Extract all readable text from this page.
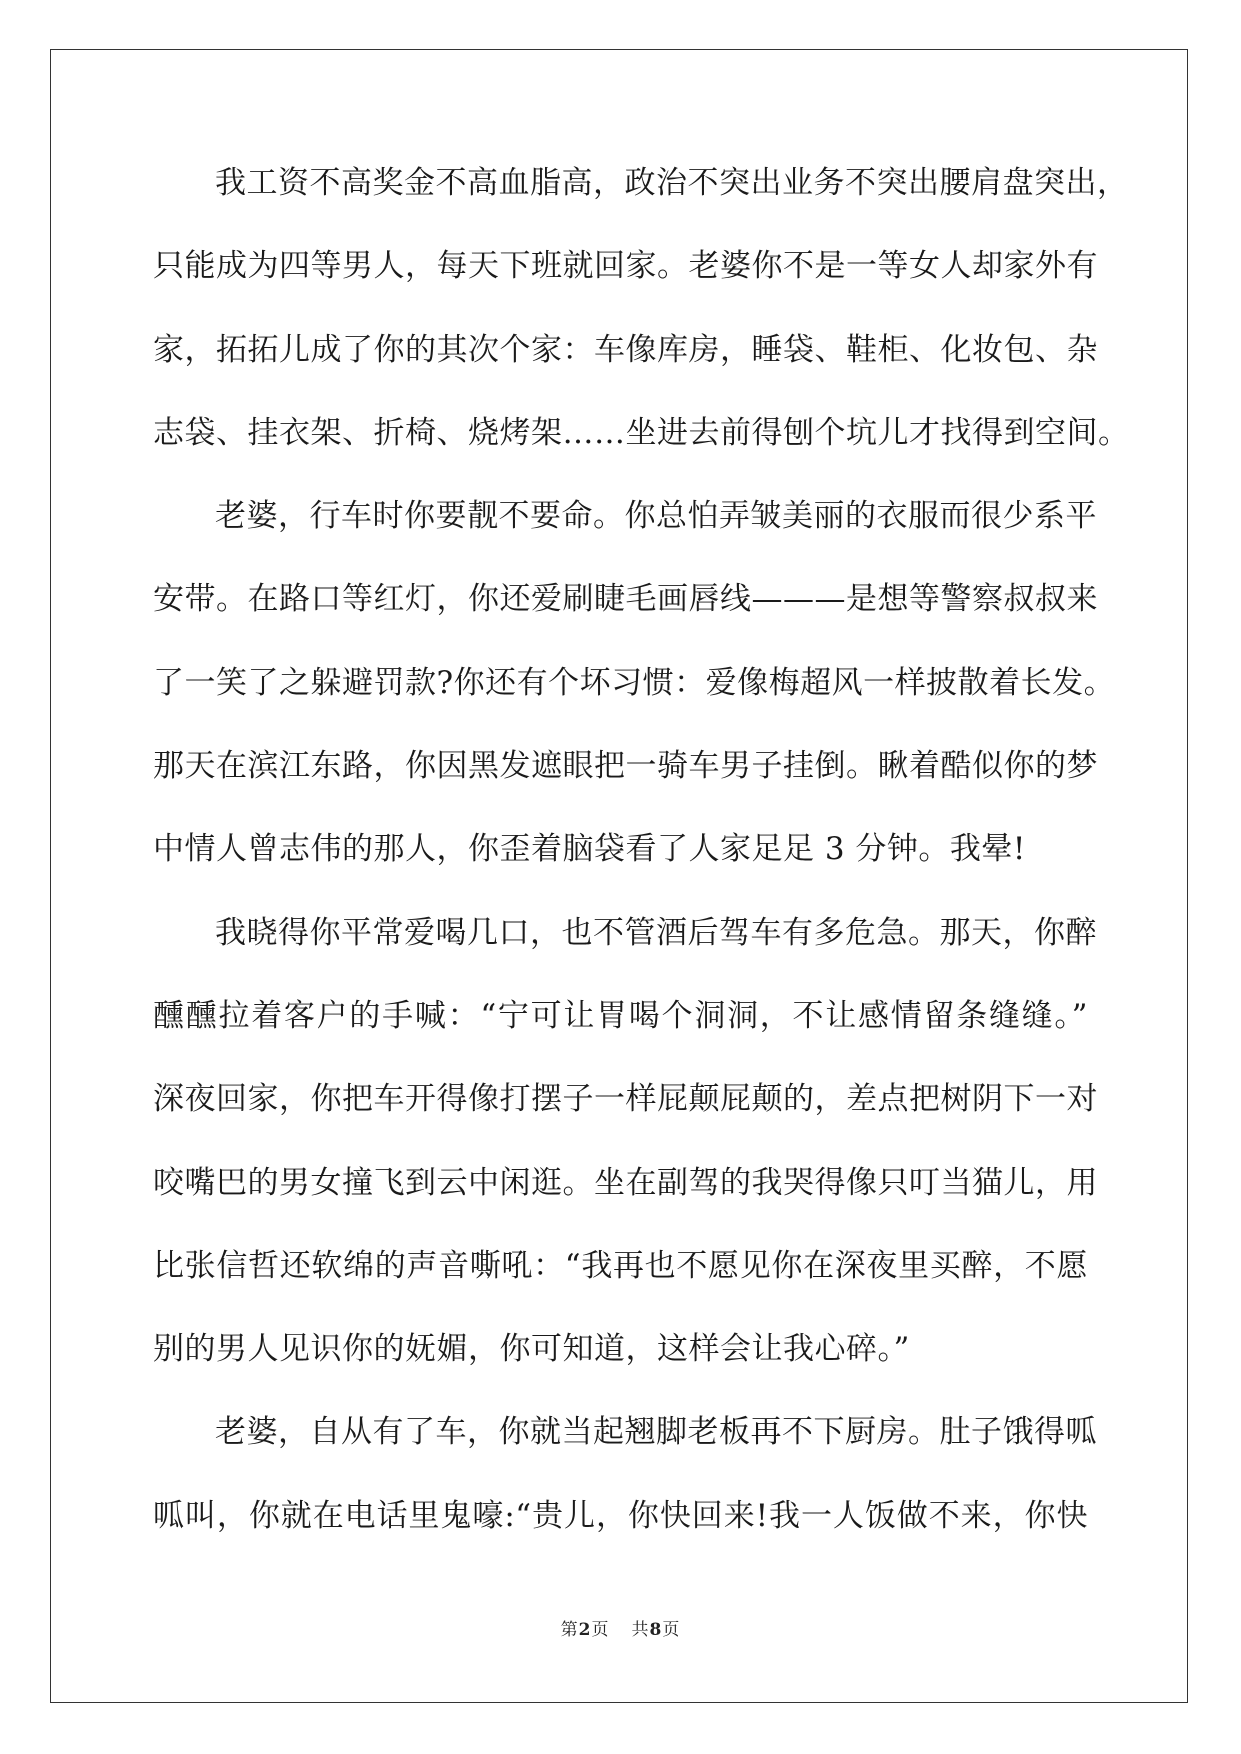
我工资不高奖金不高血脂高，政治不突出业务不突出腰肩盘突出，
只能成为四等男人，每天下班就回家。老婆你不是一等女人却家外有
家，拓拓儿成了你的其次个家：车像库房，睡袋、鞋柜、化妆包、杂
志袋、挂衣架、折椅、烧烤架……坐进去前得刨个坑儿才找得到空间。
老婆，行车时你要靓不要命。你总怕弄皱美丽的衣服而很少系平
安带。在路口等红灯，你还爱刷睫毛画唇线———是想等警察叔叔来
了一笑了之躲避罚款?你还有个坏习惯：爱像梅超风一样披散着长发。
那天在滨江东路，你因黑发遮眼把一骑车男子挂倒。瞅着酷似你的梦
中情人曾志伟的那人，你歪着脑袋看了人家足足 3 分钟。我晕!
我晓得你平常爱喝几口，也不管酒后驾车有多危急。那天，你醉
醺醺拉着客户的手喊：“宁可让胃喝个洞洞，不让感情留条缝缝。”
深夜回家，你把车开得像打摆子一样屁颠屁颠的，差点把树阴下一对
咬嘴巴的男女撞飞到云中闲逛。坐在副驾的我哭得像只叮当猫儿，用
比张信哲还软绵的声音嘶吼：“我再也不愿见你在深夜里买醉，不愿
别的男人见识你的妩媚，你可知道，这样会让我心碎。”
老婆，自从有了车，你就当起翘脚老板再不下厨房。肚子饿得呱
呱叫，你就在电话里鬼嚎:“贵儿，你快回来!我一人饭做不来，你快
第2页 共8页
